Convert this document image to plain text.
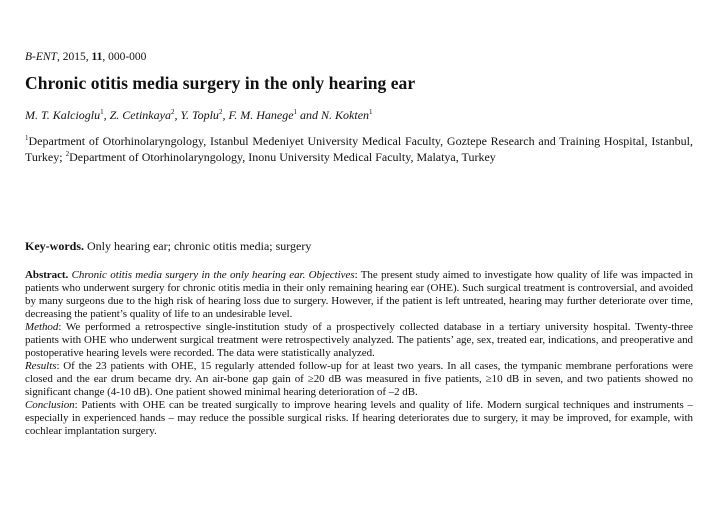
B-ENT, 2015, 11, 000-000

Chronic otitis media surgery in the only hearing ear

M. T. Kalcioglu$^1$, Z. Cetinkaya$^2$, Y. Toplu$^2$, F. M. Hanege$^1$ and N. Kokten$^1$

$^1$Department of Otorhinolaryngology, Istanbul Medeniyet University Medical Faculty, Goztepe Research and Training Hospital, Istanbul, Turkey; $^2$Department of Otorhinolaryngology, Inonu University Medical Faculty, Malatya, Turkey

Key-words. Only hearing ear; chronic otitis media; surgery

Abstract. Chronic otitis media surgery in the only hearing ear. Objectives: The present study aimed to investigate how quality of life was impacted in patients who underwent surgery for chronic otitis media in their only remaining hearing ear (OHE). Such surgical treatment is controversial, and avoided by many surgeons due to the high risk of hearing loss due to surgery. However, if the patient is left untreated, hearing may further deteriorate over time, decreasing the patient’s quality of life to an undesirable level.

Method: We performed a retrospective single-institution study of a prospectively collected database in a tertiary university hospital. Twenty-three patients with OHE who underwent surgical treatment were retrospectively analyzed. The patients’ age, sex, treated ear, indications, and preoperative and postoperative hearing levels were recorded. The data were statistically analyzed.

Results: Of the 23 patients with OHE, 15 regularly attended follow-up for at least two years. In all cases, the tympanic membrane perforations were closed and the ear drum became dry. An air-bone gap gain of ≥20 dB was measured in five patients, ≥10 dB in seven, and two patients showed no significant change (4-10 dB). One patient showed minimal hearing deterioration of –2 dB.

Conclusion: Patients with OHE can be treated surgically to improve hearing levels and quality of life. Modern surgical techniques and instruments – especially in experienced hands – may reduce the possible surgical risks. If hearing deteriorates due to surgery, it may be improved, for example, with cochlear implantation surgery.
